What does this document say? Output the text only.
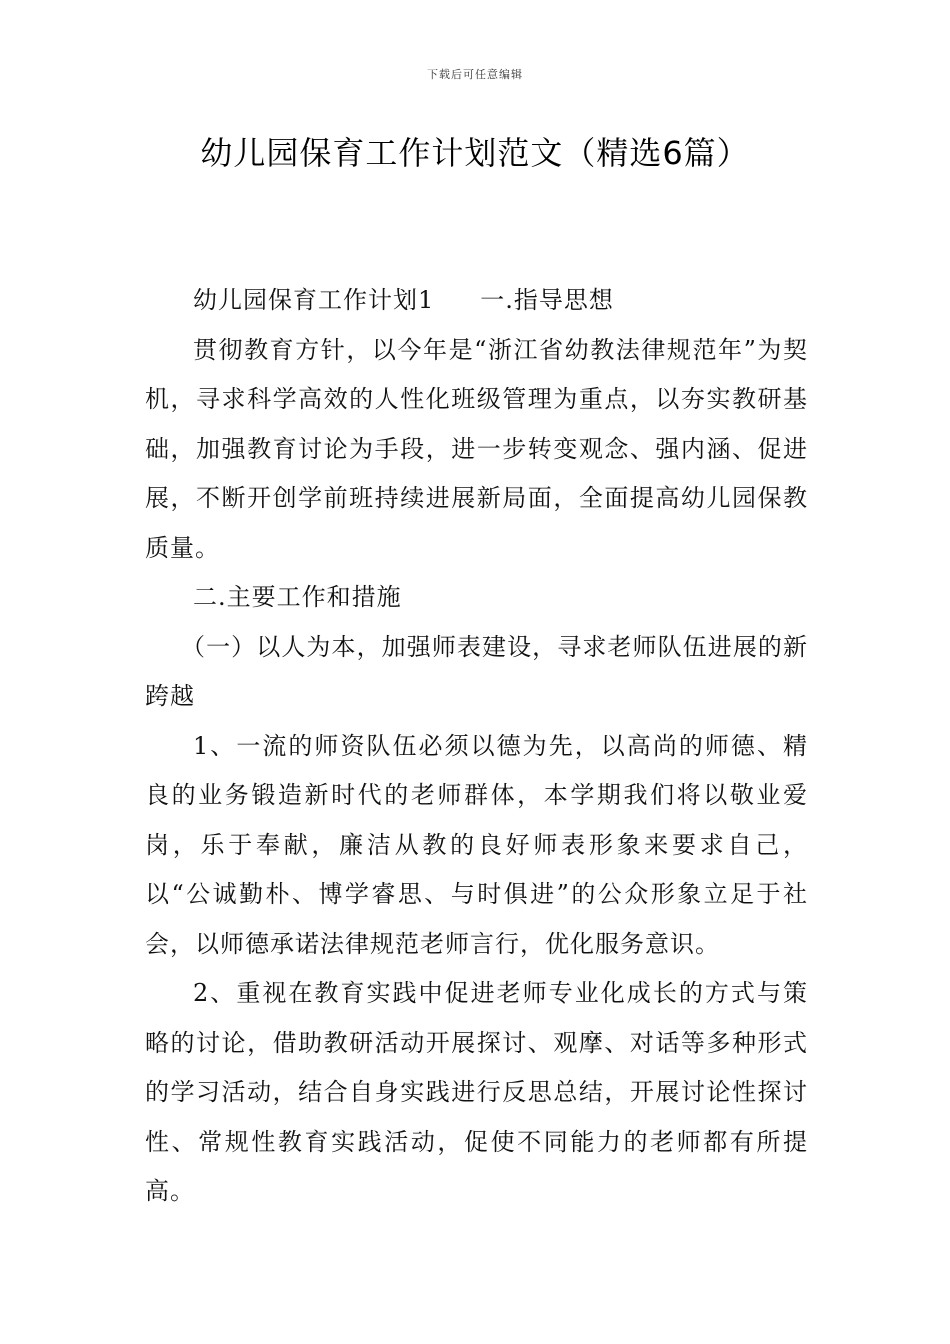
下载后可任意编辑
幼儿园保育工作计划范文（精选6篇）

幼儿园保育工作计划1 一.指导思想

贯彻教育方针，以今年是“浙江省幼教法律规范年”为契机，寻求科学高效的人性化班级管理为重点，以夯实教研基础，加强教育讨论为手段，进一步转变观念、强内涵、促进展，不断开创学前班持续进展新局面，全面提高幼儿园保教质量。

二.主要工作和措施

（一）以人为本，加强师表建设，寻求老师队伍进展的新跨越

1、一流的师资队伍必须以德为先，以高尚的师德、精良的业务锻造新时代的老师群体，本学期我们将以敬业爱岗，乐于奉献，廉洁从教的良好师表形象来要求自己，以“公诚勤朴、博学睿思、与时俱进”的公众形象立足于社会，以师德承诺法律规范老师言行，优化服务意识。

2、重视在教育实践中促进老师专业化成长的方式与策略的讨论，借助教研活动开展探讨、观摩、对话等多种形式的学习活动，结合自身实践进行反思总结，开展讨论性探讨性、常规性教育实践活动，促使不同能力的老师都有所提高。
